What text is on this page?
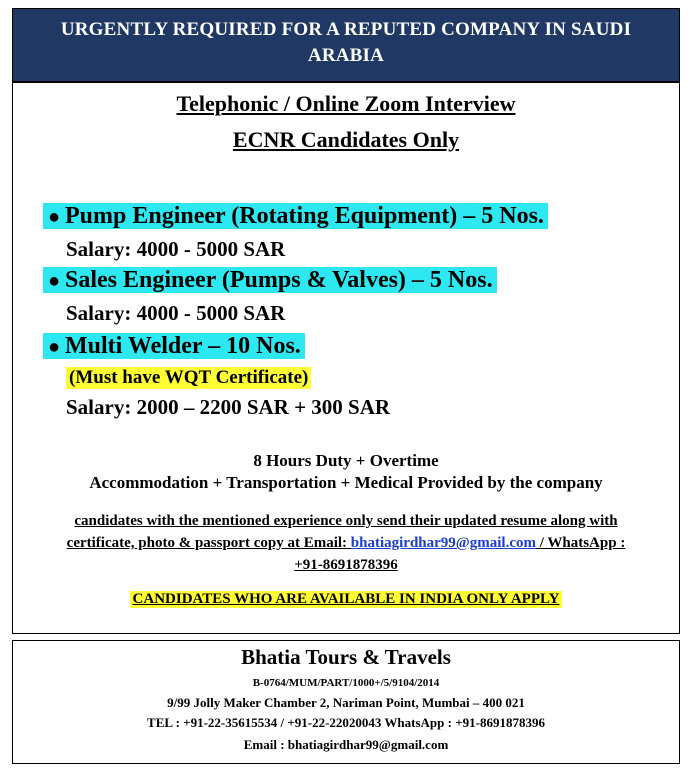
URGENTLY REQUIRED FOR A REPUTED COMPANY IN SAUDI
ARABIA
Telephonic / Online Zoom Interview
ECNR Candidates Only
● Pump Engineer (Rotating Equipment) – 5 Nos.
Salary: 4000 - 5000 SAR
● Sales Engineer (Pumps & Valves) – 5 Nos.
Salary: 4000 - 5000 SAR
● Multi Welder – 10 Nos.
(Must have WQT Certificate)
Salary: 2000 – 2200 SAR + 300 SAR
8 Hours Duty + Overtime
Accommodation + Transportation + Medical Provided by the company
candidates with the mentioned experience only send their updated resume along with
certificate, photo & passport copy at Email: bhatiagirdhar99@gmail.com / WhatsApp :
+91-8691878396
CANDIDATES WHO ARE AVAILABLE IN INDIA ONLY APPLY
Bhatia Tours & Travels
B-0764/MUM/PART/1000+/5/9104/2014
9/99 Jolly Maker Chamber 2, Nariman Point, Mumbai – 400 021
TEL : +91-22-35615534 / +91-22-22020043 WhatsApp : +91-8691878396
Email : bhatiagirdhar99@gmail.com
